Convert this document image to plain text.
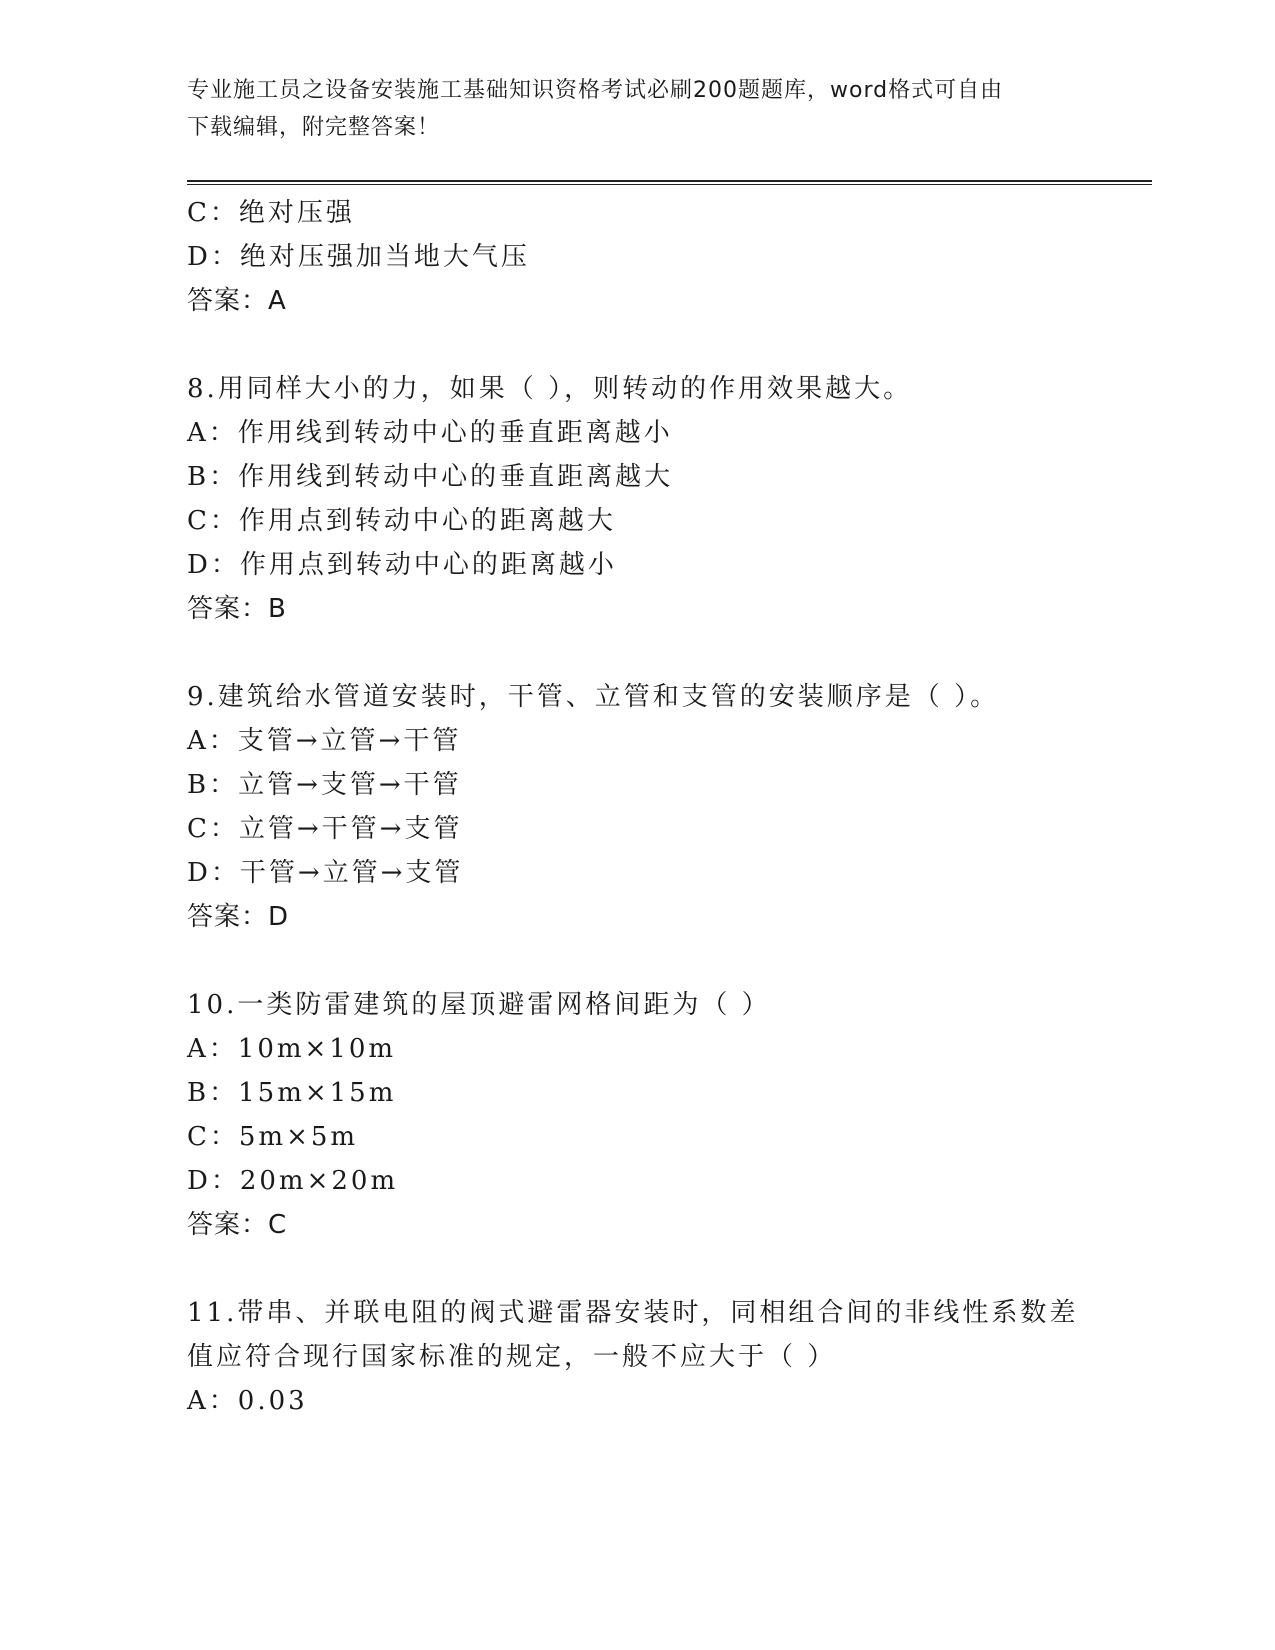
专业施工员之设备安装施工基础知识资格考试必刷200题题库，word格式可自由
下载编辑，附完整答案！
C：绝对压强
D：绝对压强加当地大气压
答案：A
8.用同样大小的力，如果（ ），则转动的作用效果越大。
A：作用线到转动中心的垂直距离越小
B：作用线到转动中心的垂直距离越大
C：作用点到转动中心的距离越大
D：作用点到转动中心的距离越小
答案：B
9.建筑给水管道安装时，干管、立管和支管的安装顺序是（ ）。
A：支管→立管→干管
B：立管→支管→干管
C：立管→干管→支管
D：干管→立管→支管
答案：D
10.一类防雷建筑的屋顶避雷网格间距为（ ）
A：10m×10m
B：15m×15m
C：5m×5m
D：20m×20m
答案：C
11.带串、并联电阻的阀式避雷器安装时，同相组合间的非线性系数差
值应符合现行国家标准的规定，一般不应大于（ ）
A：0.03
